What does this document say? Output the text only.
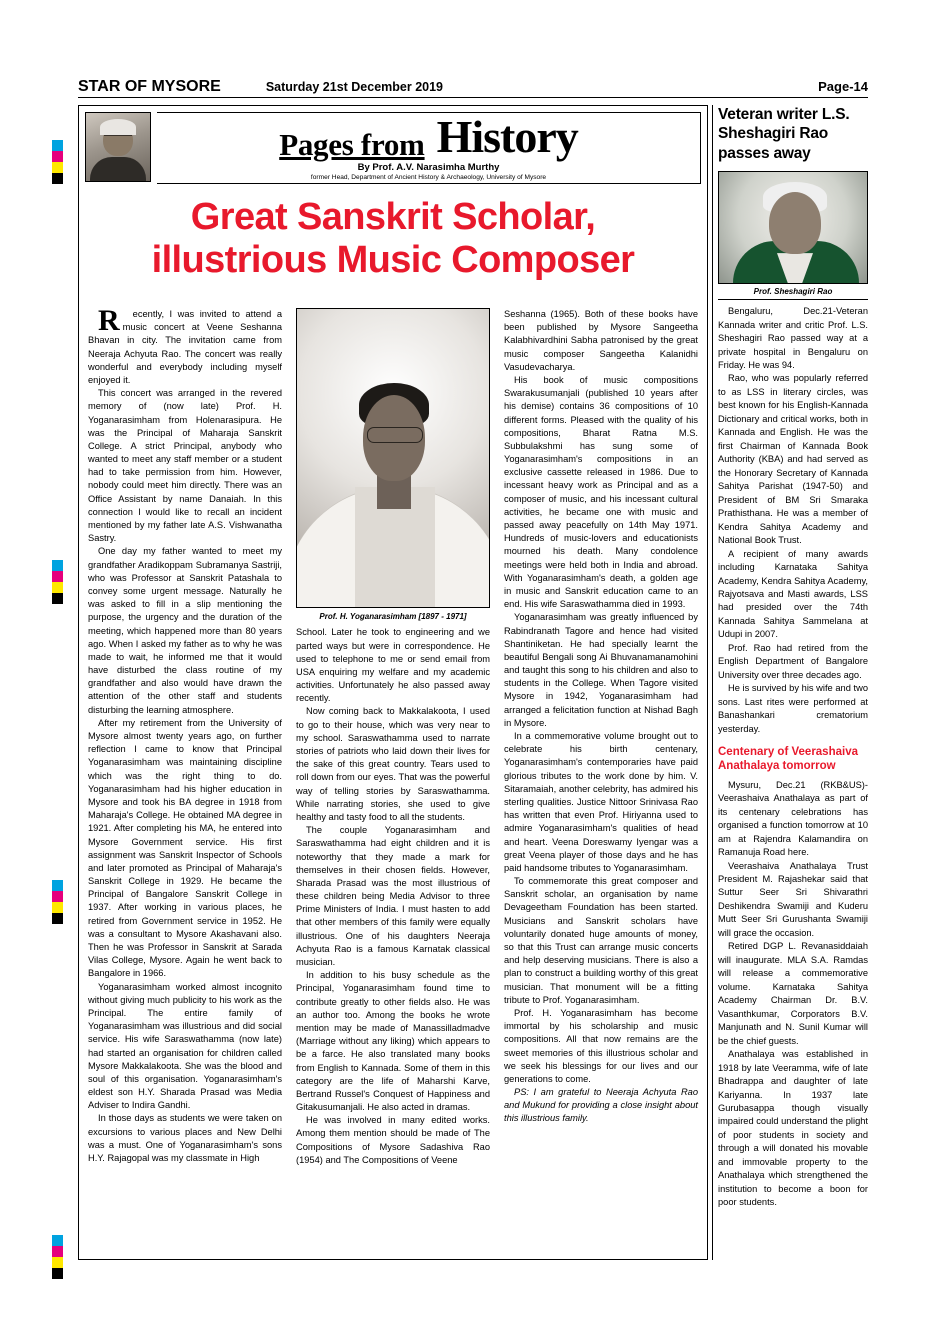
STAR OF MYSORE	Saturday 21st December 2019	Page-14
Pages from History
By Prof. A.V. Narasimha Murthy
former Head, Department of Ancient History & Archaeology, University of Mysore
Great Sanskrit Scholar,
illustrious Music Composer

Recently, I was invited to attend a music concert at Veene Seshanna Bhavan in city. The invitation came from Neeraja Achyuta Rao. The concert was really wonderful and everybody including myself enjoyed it.

This concert was arranged in the revered memory of (now late) Prof. H. Yoganarasimham from Holenarasipura. He was the Principal of Maharaja Sanskrit College. A strict Principal, anybody who wanted to meet any staff member or a student had to take permission from him. However, nobody could meet him directly. There was an Office Assistant by name Danaiah. In this connection I would like to recall an incident mentioned by my father late A.S. Vishwanatha Sastry.

One day my father wanted to meet my grandfather Aradikoppam Subramanya Sastriji, who was Professor at Sanskrit Patashala to convey some urgent message. Naturally he was asked to fill in a slip mentioning the purpose, the urgency and the duration of the meeting, which happened more than 80 years ago. When I asked my father as to why he was made to wait, he informed me that it would have disturbed the class routine of my grandfather and also would have drawn the attention of the other staff and students disturbing the learning atmosphere.

After my retirement from the University of Mysore almost twenty years ago, on further reflection I came to know that Principal Yoganarasimham was maintaining discipline which was the right thing to do. Yoganarasimham had his higher education in Mysore and took his BA degree in 1918 from Maharaja's College. He obtained MA degree in 1921. After completing his MA, he entered into Mysore Government service. His first assignment was Sanskrit Inspector of Schools and later promoted as Principal of Maharaja's Sanskrit College in 1929. He became the Principal of Bangalore Sanskrit College in 1937. After working in various places, he retired from Government service in 1952. He was a consultant to Mysore Akashavani also. Then he was Professor in Sanskrit at Sarada Vilas College, Mysore. Again he went back to Bangalore in 1966.

Yoganarasimham worked almost incognito without giving much publicity to his work as the Principal. The entire family of Yoganarasimham was illustrious and did social service. His wife Saraswathamma (now late) had started an organisation for children called Mysore Makkalakoota. She was the blood and soul of this organisation. Yoganarasimham's eldest son H.Y. Sharada Prasad was Media Adviser to Indira Gandhi.

In those days as students we were taken on excursions to various places and New Delhi was a must. One of Yoganarasimham's sons H.Y. Rajagopal was my classmate in High

Prof. H. Yoganarasimham [1897 - 1971]

School. Later he took to engineering and we parted ways but were in correspondence. He used to telephone to me or send email from USA enquiring my welfare and my academic activities. Unfortunately he also passed away recently.

Now coming back to Makkalakoota, I used to go to their house, which was very near to my school. Saraswathamma used to narrate stories of patriots who laid down their lives for the sake of this great country. Tears used to roll down from our eyes. That was the powerful way of telling stories by Saraswathamma. While narrating stories, she used to give healthy and tasty food to all the students.

The couple Yoganarasimham and Saraswathamma had eight children and it is noteworthy that they made a mark for themselves in their chosen fields. However, Sharada Prasad was the most illustrious of these children being Media Advisor to three Prime Ministers of India. I must hasten to add that other members of this family were equally illustrious. One of his daughters Neeraja Achyuta Rao is a famous Karnatak classical musician.

In addition to his busy schedule as the Principal, Yoganarasimham found time to contribute greatly to other fields also. He was an author too. Among the books he wrote mention may be made of Manassilladmadve (Marriage without any liking) which appears to be a farce. He also translated many books from English to Kannada. Some of them in this category are the life of Maharshi Karve, Bertrand Russel's Conquest of Happiness and Gitakusumanjali. He also acted in dramas.

He was involved in many edited works. Among them mention should be made of The Compositions of Mysore Sadashiva Rao (1954) and The Compositions of Veene

Seshanna (1965). Both of these books have been published by Mysore Sangeetha Kalabhivardhini Sabha patronised by the great music composer Sangeetha Kalanidhi Vasudevacharya.

His book of music compositions Swarakusumanjali (published 10 years after his demise) contains 36 compositions of 10 different forms. Pleased with the quality of his compositions, Bharat Ratna M.S. Subbulakshmi has sung some of Yoganarasimham's compositions in an exclusive cassette released in 1986. Due to incessant heavy work as Principal and as a composer of music, and his incessant cultural activities, he became one with music and passed away peacefully on 14th May 1971. Hundreds of music-lovers and educationists mourned his death. Many condolence meetings were held both in India and abroad. With Yoganarasimham's death, a golden age in music and Sanskrit education came to an end. His wife Saraswathamma died in 1993.

Yoganarasimham was greatly influenced by Rabindranath Tagore and hence had visited Shantiniketan. He had specially learnt the beautiful Bengali song Ai Bhuvanamanamohini and taught this song to his children and also to students in the College. When Tagore visited Mysore in 1942, Yoganarasimham had arranged a felicitation function at Nishad Bagh in Mysore.

In a commemorative volume brought out to celebrate his birth centenary, Yoganarasimham's contemporaries have paid glorious tributes to the work done by him. V. Sitaramaiah, another celebrity, has admired his sterling qualities. Justice Nittoor Srinivasa Rao has written that even Prof. Hiriyanna used to admire Yoganarasimham's qualities of head and heart. Veena Doreswamy Iyengar was a great Veena player of those days and he has paid handsome tributes to Yoganarasimham.

To commemorate this great composer and Sanskrit scholar, an organisation by name Devageetham Foundation has been started. Musicians and Sanskrit scholars have voluntarily donated huge amounts of money, so that this Trust can arrange music concerts and help deserving musicians. There is also a plan to construct a building worthy of this great musician. That monument will be a fitting tribute to Prof. Yoganarasimham.

Prof. H. Yoganarasimham has become immortal by his scholarship and music compositions. All that now remains are the sweet memories of this illustrious scholar and we seek his blessings for our lives and our generations to come.

PS: I am grateful to Neeraja Achyuta Rao and Mukund for providing a close insight about this illustrious family.

Veteran writer L.S. Sheshagiri Rao passes away
Prof. Sheshagiri Rao

Bengaluru, Dec.21-Veteran Kannada writer and critic Prof. L.S. Sheshagiri Rao passed way at a private hospital in Bengaluru on Friday. He was 94.

Rao, who was popularly referred to as LSS in literary circles, was best known for his English-Kannada Dictionary and critical works, both in Kannada and English. He was the first Chairman of Kannada Book Authority (KBA) and had served as the Honorary Secretary of Kannada Sahitya Parishat (1947-50) and President of BM Sri Smaraka Prathisthana. He was a member of Kendra Sahitya Academy and National Book Trust.

A recipient of many awards including Karnataka Sahitya Academy, Kendra Sahitya Academy, Rajyotsava and Masti awards, LSS had presided over the 74th Kannada Sahitya Sammelana at Udupi in 2007.

Prof. Rao had retired from the English Department of Bangalore University over three decades ago.

He is survived by his wife and two sons. Last rites were performed at Banashankari crematorium yesterday.

Centenary of Veerashaiva Anathalaya tomorrow

Mysuru, Dec.21 (RKB&US)- Veerashaiva Anathalaya as part of its centenary celebrations has organised a function tomorrow at 10 am at Rajendra Kalamandira on Ramanuja Road here.

Veerashaiva Anathalaya Trust President M. Rajashekar said that Suttur Seer Sri Shivarathri Deshikendra Swamiji and Kuderu Mutt Seer Sri Gurushanta Swamiji will grace the occasion.

Retired DGP L. Revanasiddaiah will inaugurate. MLA S.A. Ramdas will release a commemorative volume. Karnataka Sahitya Academy Chairman Dr. B.V. Vasanthkumar, Corporators B.V. Manjunath and N. Sunil Kumar will be the chief guests.

Anathalaya was established in 1918 by late Veeramma, wife of late Bhadrappa and daughter of late Kariyanna. In 1937 late Gurubasappa though visually impaired could understand the plight of poor students in society and through a will donated his movable and immovable property to the Anathalaya which strengthened the institution to become a boon for poor students.
